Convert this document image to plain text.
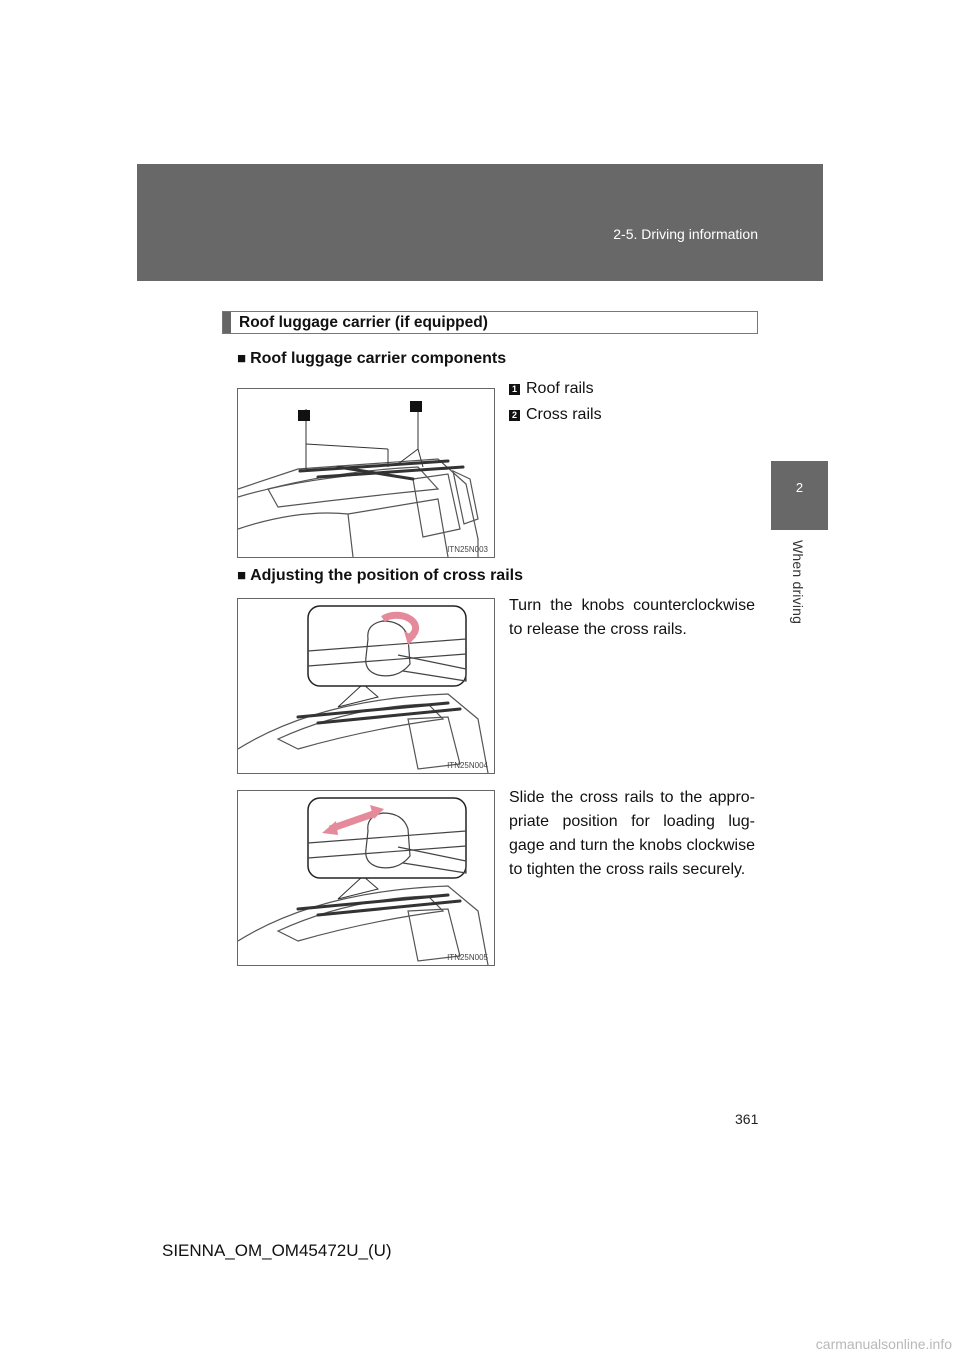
2-5. Driving information
2
When driving
Roof luggage carrier (if equipped)
■ Roof luggage carrier components
1 Roof rails
2 Cross rails
ITN25N003
■ Adjusting the position of cross rails
Turn the knobs counterclockwise to release the cross rails.
ITN25N004
Slide the cross rails to the appro- priate position for loading lug- gage and turn the knobs clockwise to tighten the cross rails securely.
ITN25N005
361
SIENNA_OM_OM45472U_(U)
carmanualsonline.info
